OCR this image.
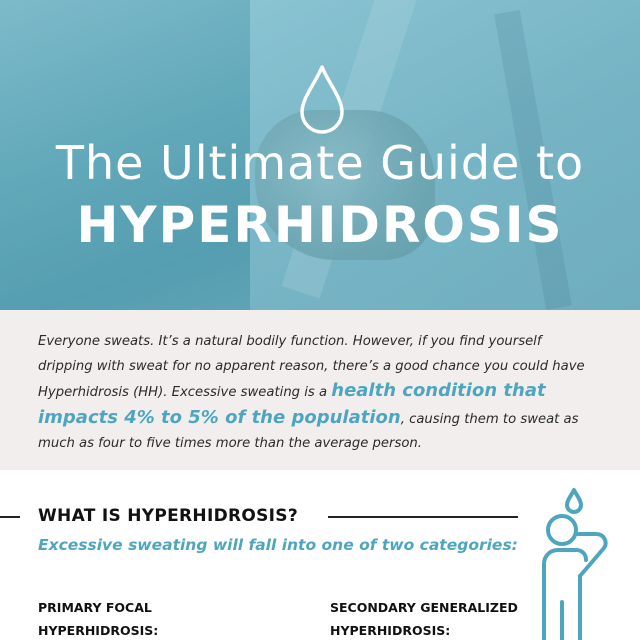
The Ultimate Guide to
HYPERHIDROSIS

Everyone sweats. It’s a natural bodily function. However, if you find yourself dripping with sweat for no apparent reason, there’s a good chance you could have Hyperhidrosis (HH). Excessive sweating is a health condition that impacts 4% to 5% of the population, causing them to sweat as much as four to five times more than the average person.

WHAT IS HYPERHIDROSIS?
Excessive sweating will fall into one of two categories:
PRIMARY FOCAL HYPERHIDROSIS:
SECONDARY GENERALIZED HYPERHIDROSIS:
